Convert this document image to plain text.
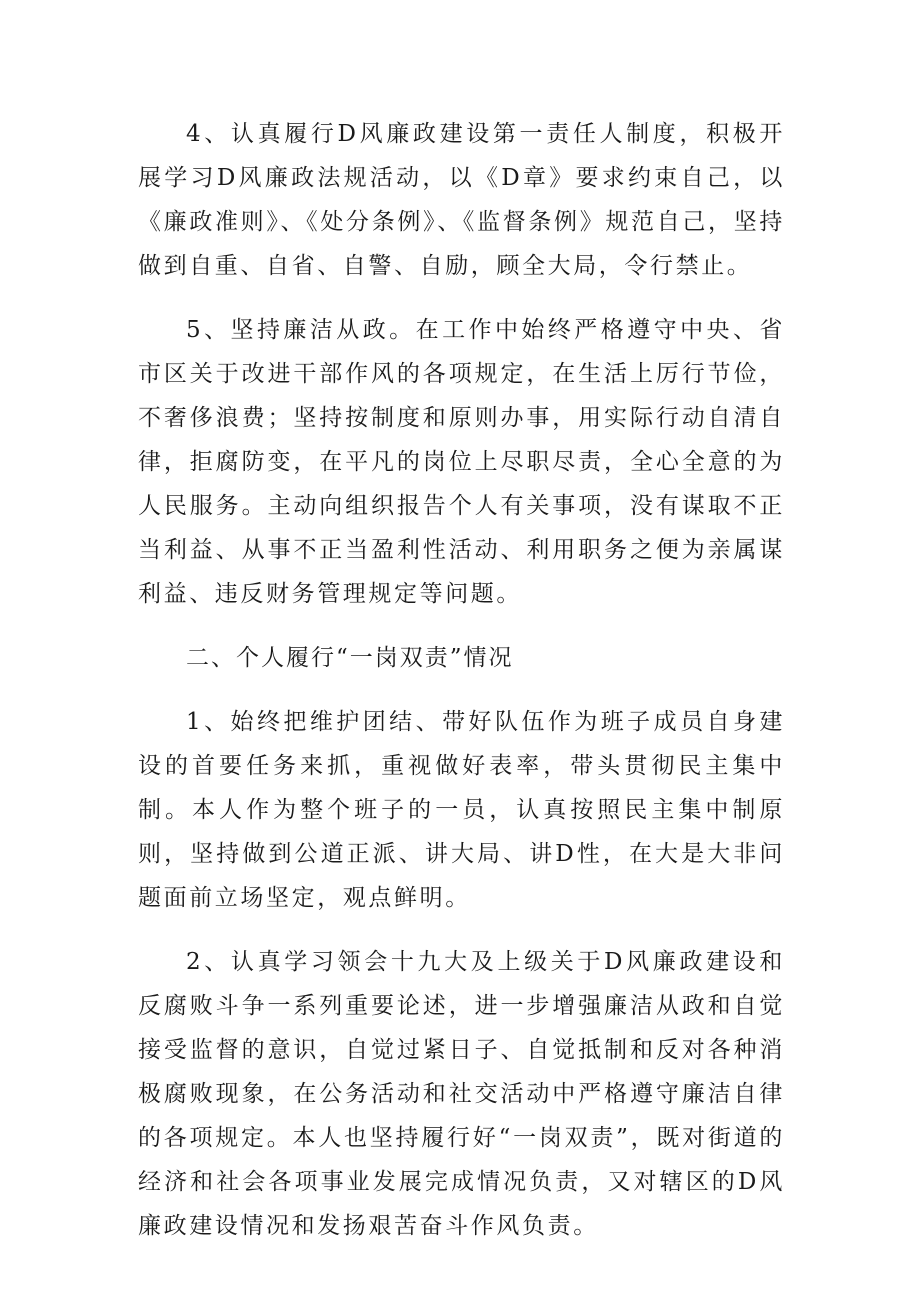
4、认真履行D风廉政建设第一责任人制度，积极开展学习D风廉政法规活动，以《D章》要求约束自己，以《廉政准则》、《处分条例》、《监督条例》规范自己，坚持做到自重、自省、自警、自励，顾全大局，令行禁止。

5、坚持廉洁从政。在工作中始终严格遵守中央、省市区关于改进干部作风的各项规定，在生活上厉行节俭，不奢侈浪费；坚持按制度和原则办事，用实际行动自清自律，拒腐防变，在平凡的岗位上尽职尽责，全心全意的为人民服务。主动向组织报告个人有关事项，没有谋取不正当利益、从事不正当盈利性活动、利用职务之便为亲属谋利益、违反财务管理规定等问题。

二、个人履行“一岗双责”情况

1、始终把维护团结、带好队伍作为班子成员自身建设的首要任务来抓，重视做好表率，带头贯彻民主集中制。本人作为整个班子的一员，认真按照民主集中制原则，坚持做到公道正派、讲大局、讲D性，在大是大非问题面前立场坚定，观点鲜明。

2、认真学习领会十九大及上级关于D风廉政建设和反腐败斗争一系列重要论述，进一步增强廉洁从政和自觉接受监督的意识，自觉过紧日子、自觉抵制和反对各种消极腐败现象，在公务活动和社交活动中严格遵守廉洁自律的各项规定。本人也坚持履行好“一岗双责”，既对街道的经济和社会各项事业发展完成情况负责，又对辖区的D风廉政建设情况和发扬艰苦奋斗作风负责。
